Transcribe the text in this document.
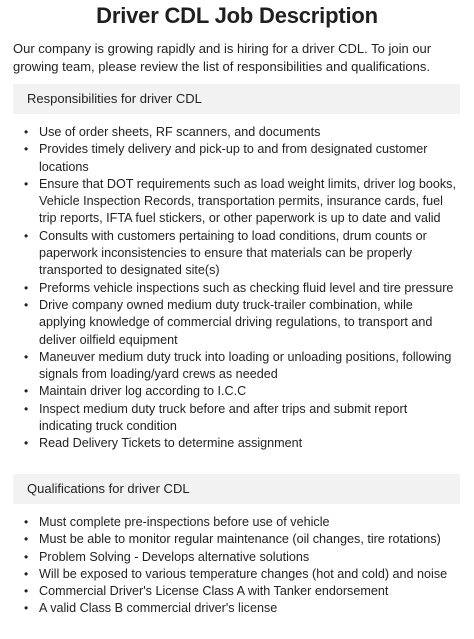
Driver CDL Job Description

Our company is growing rapidly and is hiring for a driver CDL. To join our growing team, please review the list of responsibilities and qualifications.

Responsibilities for driver CDL
• Use of order sheets, RF scanners, and documents
• Provides timely delivery and pick-up to and from designated customer locations
• Ensure that DOT requirements such as load weight limits, driver log books, Vehicle Inspection Records, transportation permits, insurance cards, fuel trip reports, IFTA fuel stickers, or other paperwork is up to date and valid
• Consults with customers pertaining to load conditions, drum counts or paperwork inconsistencies to ensure that materials can be properly transported to designated site(s)
• Preforms vehicle inspections such as checking fluid level and tire pressure
• Drive company owned medium duty truck-trailer combination, while applying knowledge of commercial driving regulations, to transport and deliver oilfield equipment
• Maneuver medium duty truck into loading or unloading positions, following signals from loading/yard crews as needed
• Maintain driver log according to I.C.C
• Inspect medium duty truck before and after trips and submit report indicating truck condition
• Read Delivery Tickets to determine assignment
Qualifications for driver CDL
• Must complete pre-inspections before use of vehicle
• Must be able to monitor regular maintenance (oil changes, tire rotations)
• Problem Solving - Develops alternative solutions
• Will be exposed to various temperature changes (hot and cold) and noise
• Commercial Driver's License Class A with Tanker endorsement
• A valid Class B commercial driver's license
